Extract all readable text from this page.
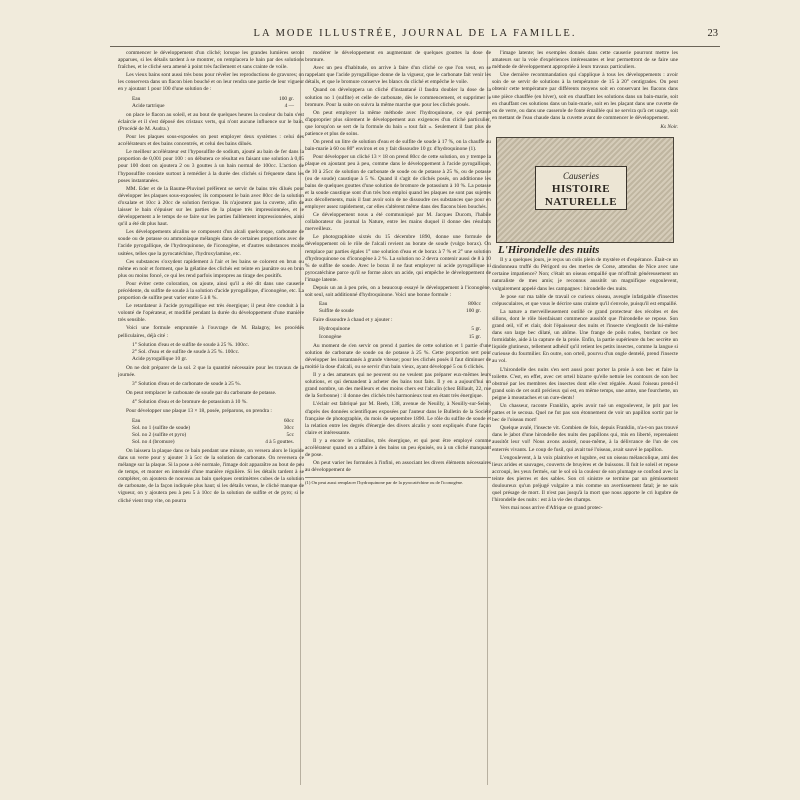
LA MODE ILLUSTRÉE, JOURNAL DE LA FAMILLE.	23

commencer le développement d'un cliché; lorsque les grandes lumières seront apparues, si les détails tardent à se montrer, on remplacera le bain par des solutions fraîches, et le cliché sera amené à point très facilement et sans crainte de voile.

Les vieux bains sont aussi très bons pour révéler les reproductions de gravures; on les conservera dans un flacon bien bouché et on leur rendra une partie de leur vigueur en y ajoutant 1 pour 100 d'une solution de :

Eau	100 gr.
Acide tartrique	4 —

on place le flacon au soleil, et au bout de quelques heures la couleur du bain s'est éclaircie et il s'est déposé des cristaux verts, qui n'ont aucune influence sur le bain. (Procédé de M. Audra.)

Pour les plaques sous-exposées on peut employer deux systèmes : celui des accélérateurs et des bains concentrés, et celui des bains dilués.

Le meilleur accélérateur est l'hyposulfite de sodium, ajouté au bain de fer dans la proportion de 0,001 pour 100 : on débutera ce résultat en faisant une solution à 0,05 pour 100 dont on ajoutera 2 ou 3 gouttes à un bain normal de 100cc. L'action de l'hyposulfite consiste surtout à remédier à la durée des clichés si fréquente dans les poses instantanées.

MM. Eder et de la Baume-Pluvinel préfèrent se servir de bains très dilués pour développer les plaques sous-exposées; ils composent le bain avec 80cc de la solution d'oxalate et 10cc à 20cc de solution ferrique. Ils n'ajoutent pas la cuvette, afin de laisser le bain s'épuiser sur les parties de la plaque très impressionnées, et le développement a le temps de se faire sur les parties faiblement impressionnées, ainsi qu'il a été dit plus haut.

Les développements alcalins se composent d'un alcali quelconque, carbonate de soude ou de potasse ou ammoniaque mélangés dans de certaines proportions avec de l'acide pyrogallique, de l'hydroquinone, de l'iconogène, et d'autres substances moins usitées, telles que la pyrocatéchine, l'hydroxylamine, etc.

Ces substances s'oxydent rapidement à l'air et les bains se colorent en brun ou même en noir et forment, que la gélatine des clichés est teinte en jaunâtre ou en brun plus ou moins foncé, ce qui les rend parfois impropres au tirage des positifs.

Pour éviter cette coloration, on ajoute, ainsi qu'il a été dit dans une causerie précédente, du sulfite de soude à la solution d'acide pyrogallique, d'iconogène, etc. La proportion de sulfite peut varier entre 5 à 8 %.

Le retardateur à l'acide pyrogallique est très énergique; il peut être conduit à la volonté de l'opérateur, et modifié pendant la durée du développement d'une manière très sensible.

Voici une formule empruntée à l'ouvrage de M. Balagny, les procédés pelliculaires, déjà cité :

1° Solution d'eau et de sulfite de soude à 25 %. 100cc.
2° Sol. d'eau et de sulfite de soude à 25 %. 100cc.
Acide pyrogallique 10 gr.

On ne doit préparer de la sol. 2 que la quantité nécessaire pour les travaux de la journée.

3° Solution d'eau et de carbonate de soude à 25 %.

On peut remplacer le carbonate de soude par du carbonate de potasse.

4° Solution d'eau et de bromure de potassium à 10 %.

Pour développer une plaque 13 × 18, posée, préparons, on prendra :

Eau	60cc
Sol. no 1 (sulfite de soude)	30cc
Sol. no 2 (sulfite et pyro)	5cc
Sol. no 4 (bromure)	4 à 5 gouttes.

On laissera la plaque dans ce bain pendant une minute, on versera alors le liquide dans un verre pour y ajouter 3 à 5cc de la solution de carbonate. On reversera ce mélange sur la plaque. Si la pose a été normale, l'image doit apparaître au bout de peu de temps, et monter en intensité d'une manière régulière. Si les détails tardent à se compléter, on ajoutera de nouveau au bain quelques centimètres cubes de la solution de carbonate, de la façon indiquée plus haut; si les détails venus, le cliché manque de vigueur, on y ajoutera peu à peu 5 à 10cc de la solution de sulfite et de pyro; si le cliché vient trop vite, on pourra

modérer le développement en augmentant de quelques gouttes la dose de bromure.

Avec un peu d'habitude, on arrive à faire d'un cliché ce que l'on veut, en se rappelant que l'acide pyrogallique donne de la vigueur, que le carbonate fait venir les détails, et que le bromure conserve les blancs du cliché et empêche le voile.

Quand on développera un cliché d'instantané il faudra doubler la dose de la solution no 1 (sulfite) et celle de carbonate, dès le commencement, et supprimer le bromure. Pour la suite on suivra la même marche que pour les clichés posés.

On peut employer la même méthode avec l'hydroquinone, ce qui permet d'approprier plus sûrement le développement aux exigences d'un cliché particulier, que lorsqu'on se sert de la formule du bain « tout fait ». Seulement il faut plus de patience et plus de soins.

On prend un litre de solution d'eau et de sulfite de soude à 17 %, on la chauffe au bain-marie à 60 ou 80° environ et on y fait dissoudre 10 gr. d'hydroquinone (1).

Pour développer un cliché 13 × 18 on prend 80cc de cette solution, on y trempe la plaque en ajoutant peu à peu, comme dans le développement à l'acide pyrogallique, de 10 à 25cc de solution de carbonate de soude ou de potasse à 25 %, ou de potasse (ou de soude) caustique à 5 %. Quand il s'agit de clichés posés, on additionne les bains de quelques gouttes d'une solution de bromure de potassium à 10 %. La potasse et la soude caustique sont d'un très bon emploi quand les plaques ne sont pas sujettes aux décollements, mais il faut avoir soin de ne dissoudre ces substances que pour en employer assez rapidement, car elles s'altèrent même dans des flacons bien bouchés.

Ce développement nous a été communiqué par M. Jacques Ducom, l'habile collaborateur du journal la Nature, entre les mains duquel il donne des résultats merveilleux.

Le photographiste sixtés du 15 décembre 1890, donne une formule de développement où le rôle de l'alcali revient au borate de soude (vulgo borax). On remplace par parties égales 1° une solution d'eau et de borax à 7 % et 2° une solution d'hydroquinone ou d'iconogène à 2 %. La solution no 2 devra contenir aussi de 8 à 10 % de sulfite de soude. Avec le borax il ne faut employer ni acide pyrogallique ni pyrocatéchine parce qu'il se forme alors un acide, qui empêche le développement de l'image latente.

Depuis un an à peu près, on a beaucoup essayé le développement à l'iconogène, soit seul, soit additionné d'hydroquinone. Voici une bonne formule :

Eau	800cc
Sulfite de soude	100 gr.

Faire dissoudre à chaud et y ajouter :

Hydroquinone	5 gr.
Iconogène	15 gr.

Au moment de s'en servir on prend 4 parties de cette solution et 1 partie d'une solution de carbonate de soude ou de potasse à 25 %. Cette proportion sert pour développer les instantanés à grande vitesse; pour les clichés posés il faut diminuer de moitié la dose d'alcali, ou se servir d'un bain vieux, ayant développé 5 ou 6 clichés.

Il y a des amateurs qui ne peuvent ou ne veulent pas préparer eux-mêmes leurs solutions, et qui demandent à acheter des bains tout faits. Il y en a aujourd'hui un grand nombre, un des meilleurs et des moins chers est l'alcalin (chez Billault, 22, rue de la Sorbonne) : il donne des clichés très harmonieux tout en étant très énergique.

L'éclair est fabriqué par M. Reeb, 138, avenue de Neuilly, à Neuilly-sur-Seine, d'après des données scientifiques exposées par l'auteur dans le Bulletin de la Société française de photographie, du mois de septembre 1890. Le rôle du sulfite de soude et la relation entre les degrés d'énergie des divers alcalis y sont expliqués d'une façon claire et intéressante.

Il y a encore le cristallos, très énergique, et qui peut être employé comme accélérateur quand on a affaire à des bains un peu épuisés, ou à un cliché manquant de pose.

On peut varier les formules à l'infini, en associant les divers éléments nécessaires au développement de

(1) On peut aussi remplacer l'hydroquinone par de la pyrocatéchine ou de l'iconogène.

l'image latente; les exemples donnés dans cette causerie pourront mettre les amateurs sur la voie d'expériences intéressantes et leur permettront de se faire une méthode de développement appropriée à leurs travaux particuliers.

Une dernière recommandation qui s'applique à tous les développements : avoir soin de se servir de solutions à la température de 15 à 20° centigrades. On peut obtenir cette température par différents moyens soit en conservant les flacons dans une pièce chauffée (en hiver), soit en chauffant les solutions dans un bain-marie, soit en chauffant ces solutions dans un bain-marie, soit en les plaçant dans une cuvette de ou de verre, ou dans une casserole de fonte émaillée qui ne servira qu'à cet usage, soit en mettant de l'eau chaude dans la cuvette avant de commencer le développement.

Ks Noir.
Causeries
HISTOIRE NATURELLE
L'Hirondelle des nuits

Il y a quelques jours, je reçus un colis plein de mystère et d'espérance. Était-ce un dindonneau truffé du Périgord ou des merles de Corse, attendus de Nice avec une certaine impatience? Non; c'était un oiseau empaillé que m'offrait généreusement un naturaliste de mes amis; je reconnus aussitôt un magnifique engoulevent, vulgairement appelé dans les campagnes : hirondelle des nuits.

Je pose sur ma table de travail ce curieux oiseau, aveugle infatigable d'insectes crépusculaires, et que vous le décrire sans crainte qu'il s'envole, puisqu'il est empaillé.

La nature a merveilleusement outillé ce grand protecteur des récoltes et des sillons, dont le rôle bienfaisant commence aussitôt que l'hirondelle se repose. Son grand œil, vif et clair, doit l'épaisseur des nuits et l'insecte s'engloutit de lui-même dans son large bec dilaté, un abîme. Une frange de poils rudes, bordant ce bec formidable, aide à la capture de la proie. Enfin, la partie supérieure du bec secrète un liquide glutineux, tellement adhésif qu'il retient les petits insectes, comme la langue si curieuse du fourmilier. En outre, son orteil, pourvu d'un ongle dentelé, prend l'insecte au vol.

L'hirondelle des nuits s'en sert aussi pour porter la proie à son bec et faire la toilette. C'est, en effet, avec cet orteil bizarre qu'elle nettoie les contours de son bec obstrué par les membres des insectes dont elle s'est régalée. Aussi l'oiseau prend-il grand soin de cet outil précieux qui est, en même temps, une arme, une fourchette, un peigne à moustaches et un cure-dents!

Un chasseur, raconte Franklin, après avoir tué un engoulevent, le prit par les pattes et le secoua. Quel ne fut pas son étonnement de voir un papillon sortir par le bec de l'oiseau mort!

Quelque avalé, l'insecte vit. Combien de fois, depuis Franklin, n'a-t-on pas trouvé dans le jabot d'une hirondelle des nuits des papillons qui, mis en liberté, reprenaient aussitôt leur vol! Nous avons assisté, nous-même, à la délivrance de l'un de ces enterrés vivants. Le coup de fusil, qui avait tué l'oiseau, avait sauvé le papillon.

L'engoulevent, à la voix plaintive et lugubre, est un oiseau mélancolique, ami des lieux arides et sauvages, couverts de bruyères et de buissons. Il fuit le soleil et repose accroupi, les yeux fermés, sur le sol où la couleur de son plumage se confond avec la teinte des pierres et des sables. Son cri sinistre se termine par un gémissement douloureux qu'un préjugé vulgaire a mis comme un avertissement fatal; je ne sais quel présage de mort. Il n'est pas jusqu'à la mort que nous apporte le cri lugubre de l'hirondelle des nuits : est à la vie des champs.

Vers mai nous arrive d'Afrique ce grand protec-
